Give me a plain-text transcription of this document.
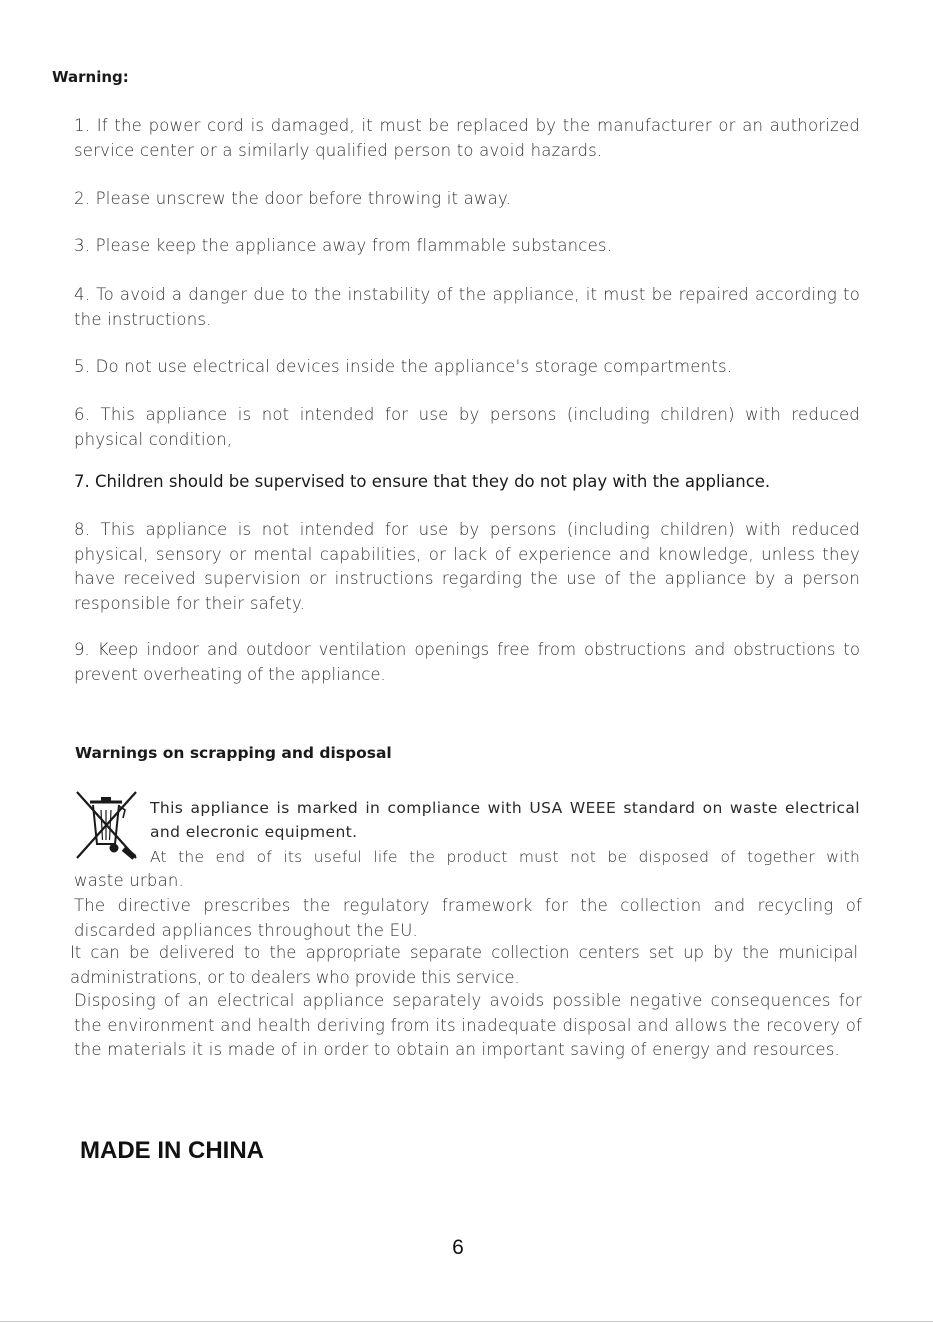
Warning:

1. If the power cord is damaged, it must be replaced by the manufacturer or an authorized service center or a similarly qualified person to avoid hazards.

2. Please unscrew the door before throwing it away.

3. Please keep the appliance away from flammable substances.

4. To avoid a danger due to the instability of the appliance, it must be repaired according to the instructions.

5. Do not use electrical devices inside the appliance's storage compartments.

6. This appliance is not intended for use by persons (including children) with reduced physical condition,

7. Children should be supervised to ensure that they do not play with the appliance.

8. This appliance is not intended for use by persons (including children) with reduced physical, sensory or mental capabilities, or lack of experience and knowledge, unless they have received supervision or instructions regarding the use of the appliance by a person responsible for their safety.

9. Keep indoor and outdoor ventilation openings free from obstructions and obstructions to prevent overheating of the appliance.

Warnings on scrapping and disposal

This appliance is marked in compliance with USA WEEE standard on waste electrical

and elecronic equipment.

At the end of its useful life the product must not be disposed of together with

waste urban.

The directive prescribes the regulatory framework for the collection and recycling of discarded appliances throughout the EU.

It can be delivered to the appropriate separate collection centers set up by the municipal administrations, or to dealers who provide this service.

Disposing of an electrical appliance separately avoids possible negative consequences for the environment and health deriving from its inadequate disposal and allows the recovery of the materials it is made of in order to obtain an important saving of energy and resources.

MADE IN CHINA

6
